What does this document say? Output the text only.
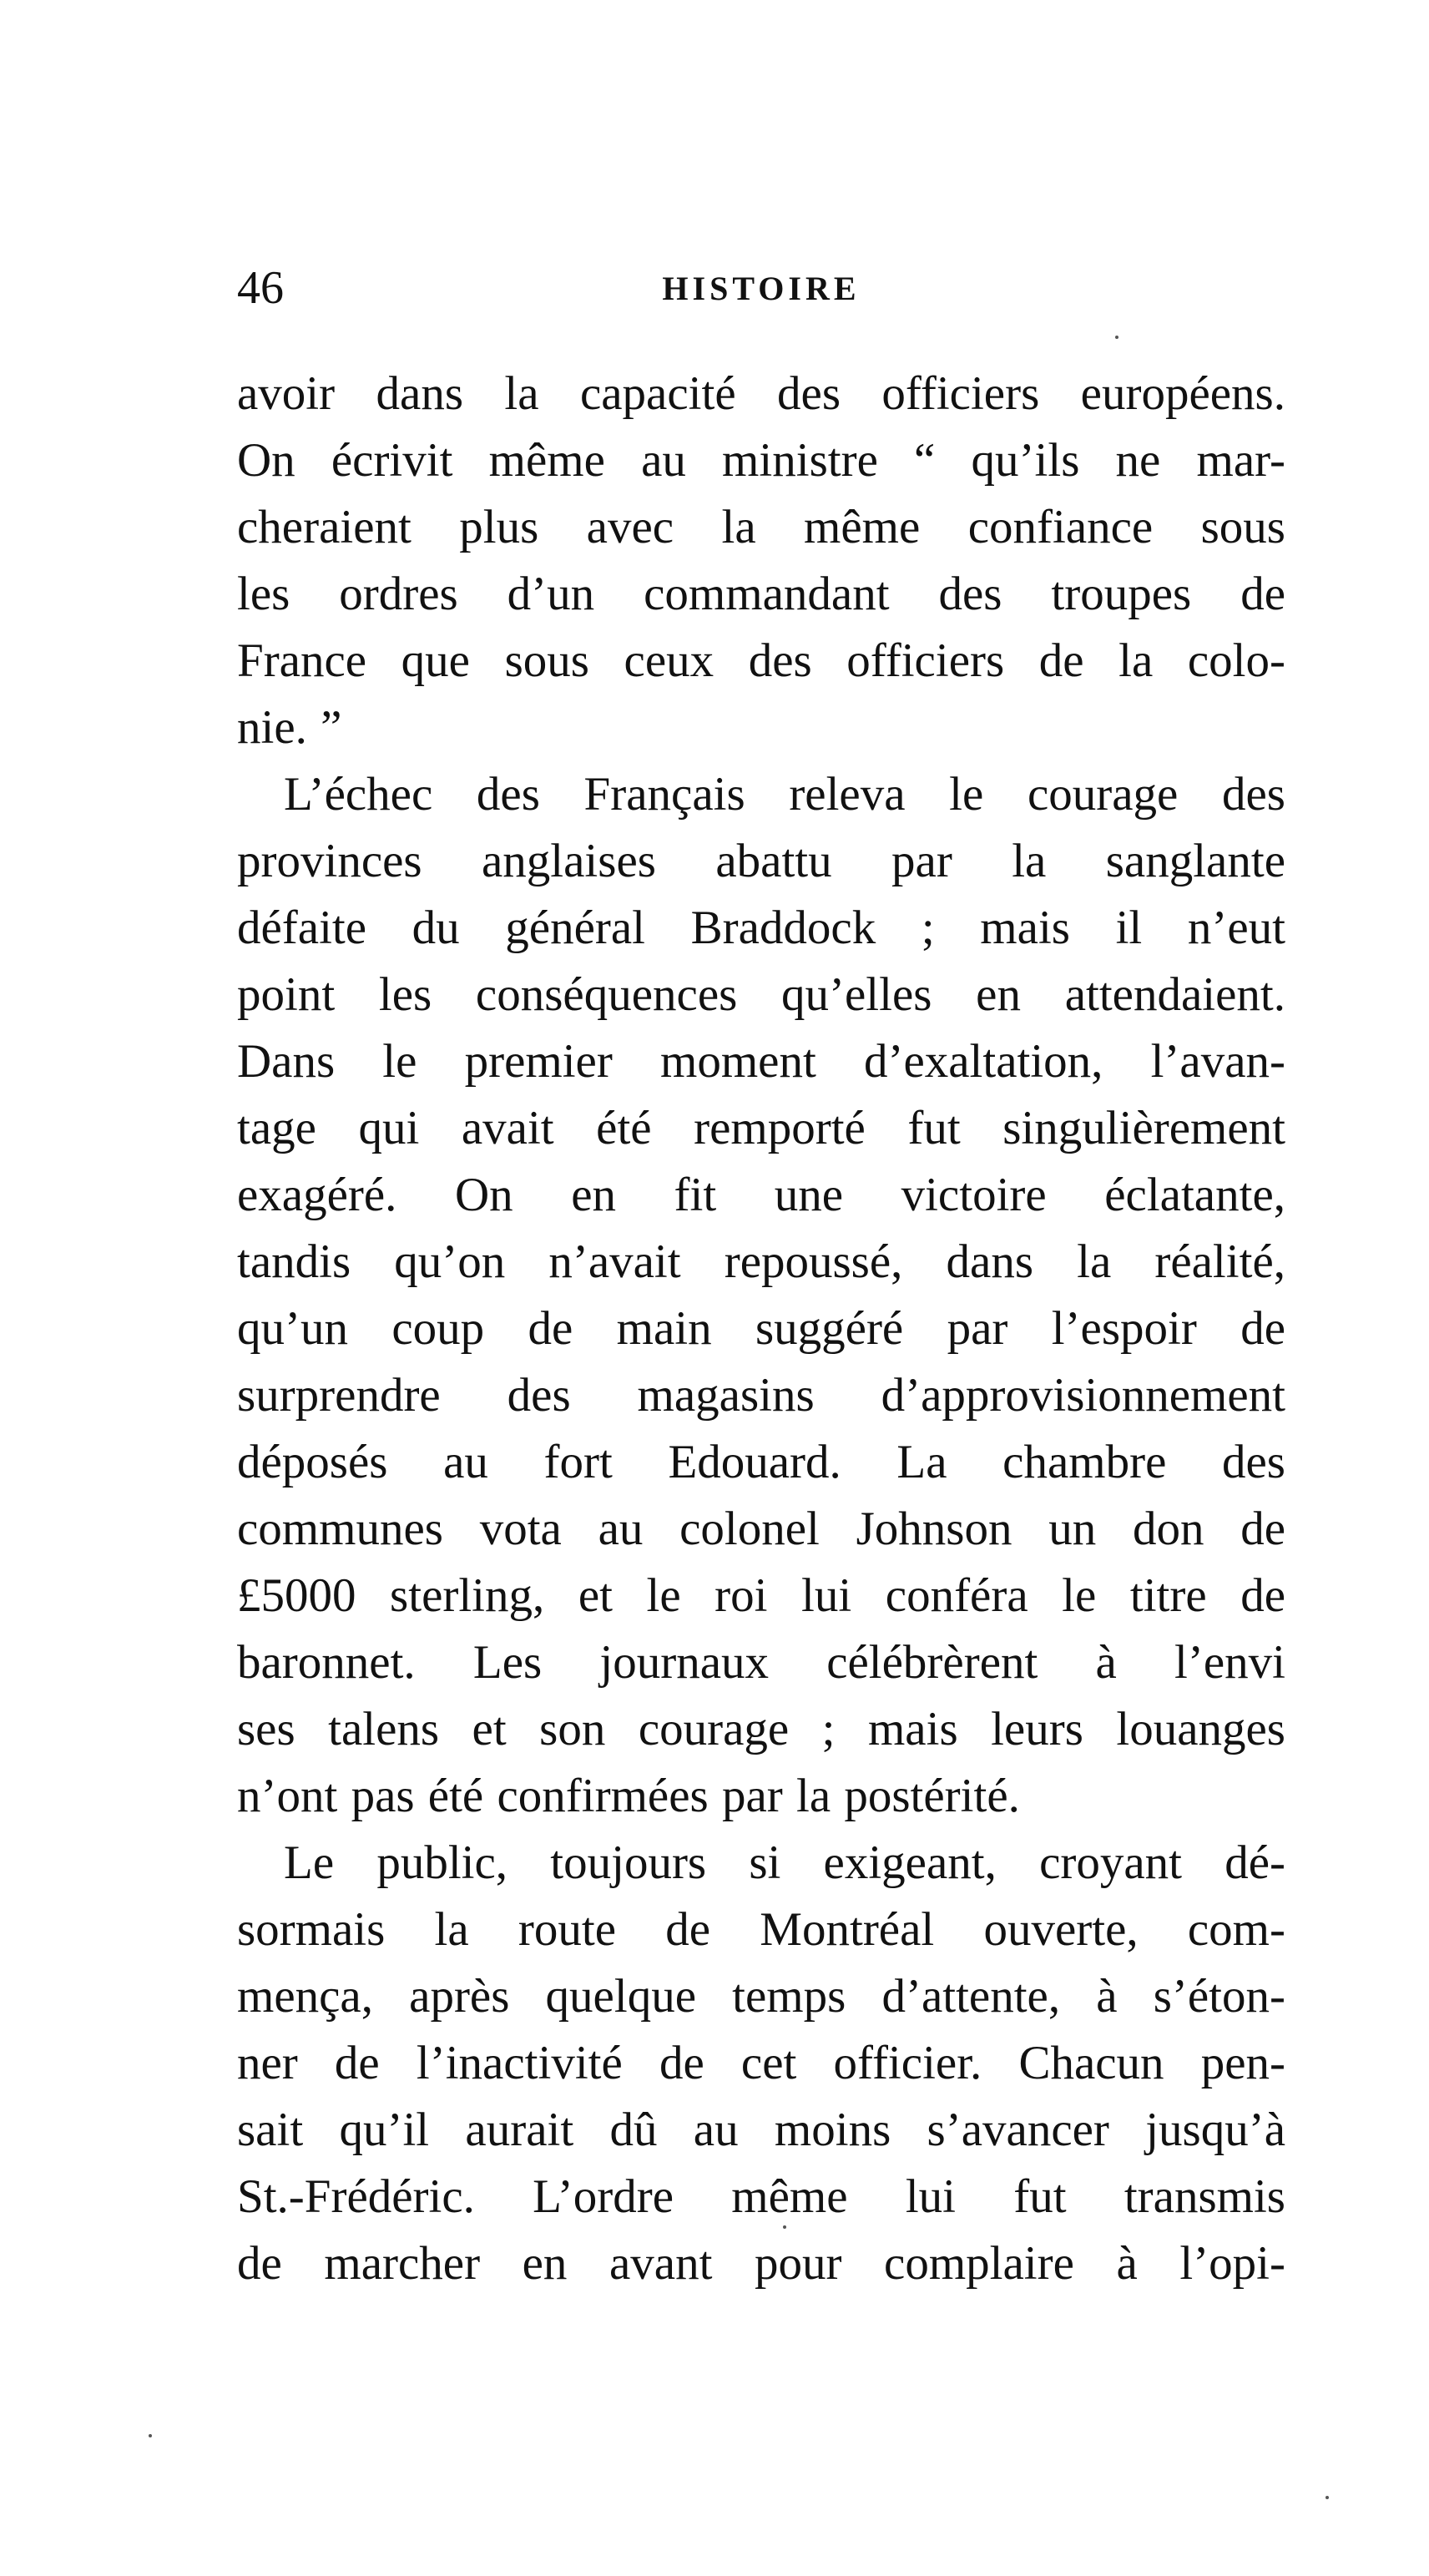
46	HISTOIRE
avoir dans la capacité des officiers européens.
On écrivit même au ministre “ qu’ils ne mar-
cheraient plus avec la même confiance sous
les ordres d’un commandant des troupes de
France que sous ceux des officiers de la colo-
nie. ”
L’échec des Français releva le courage des
provinces anglaises abattu par la sanglante
défaite du général Braddock ; mais il n’eut
point les conséquences qu’elles en attendaient.
Dans le premier moment d’exaltation, l’avan-
tage qui avait été remporté fut singulièrement
exagéré. On en fit une victoire éclatante,
tandis qu’on n’avait repoussé, dans la réalité,
qu’un coup de main suggéré par l’espoir de
surprendre des magasins d’approvisionnement
déposés au fort Edouard. La chambre des
communes vota au colonel Johnson un don de
£5000 sterling, et le roi lui conféra le titre de
baronnet. Les journaux célébrèrent à l’envi
ses talens et son courage ; mais leurs louanges
n’ont pas été confirmées par la postérité.
Le public, toujours si exigeant, croyant dé-
sormais la route de Montréal ouverte, com-
mença, après quelque temps d’attente, à s’éton-
ner de l’inactivité de cet officier. Chacun pen-
sait qu’il aurait dû au moins s’avancer jusqu’à
St.-Frédéric. L’ordre même lui fut transmis
de marcher en avant pour complaire à l’opi-
